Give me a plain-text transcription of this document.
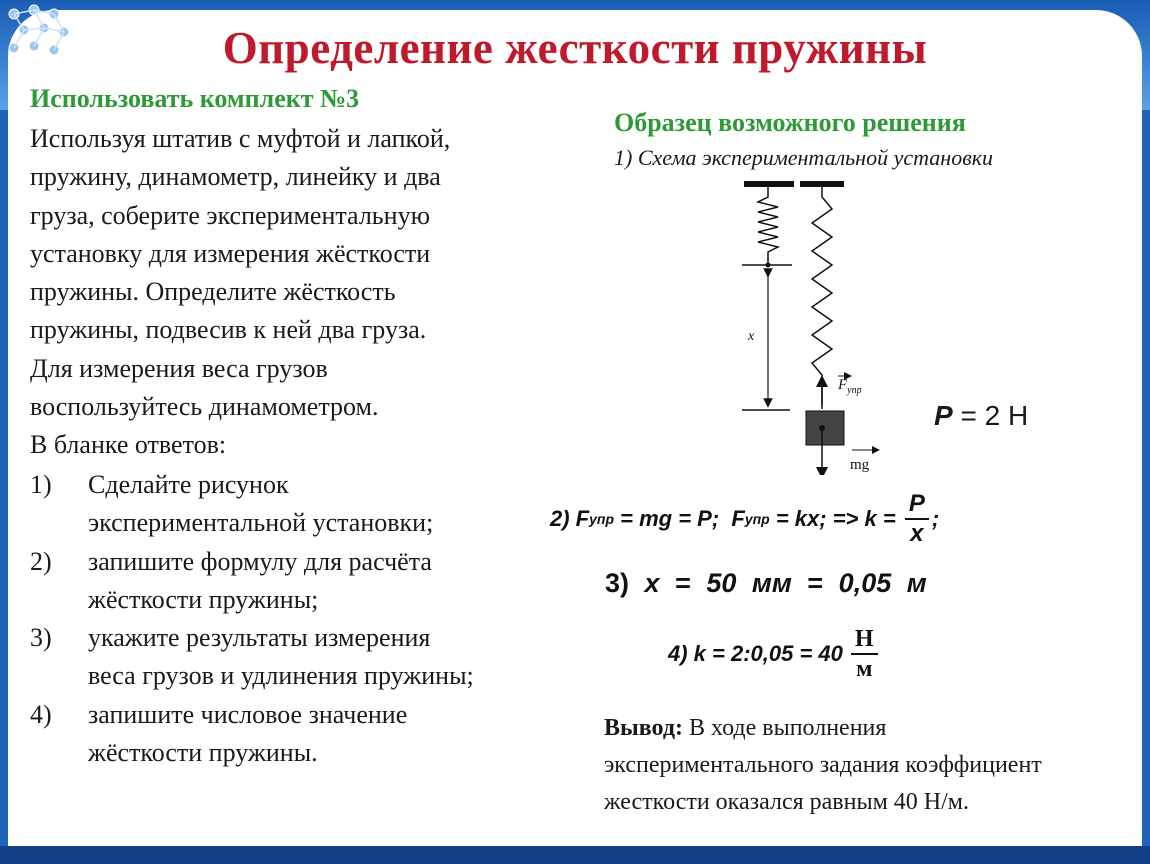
Определение жесткости пружины
Использовать комплект №3

Используя штатив с муфтой и лапкой,

пружину, динамометр, линейку и два

груза, соберите экспериментальную

установку для измерения жёсткости

пружины. Определите жёсткость

пружины, подвесив к ней два груза.

Для измерения веса грузов

воспользуйтесь динамометром.

В бланке ответов:

1)	Сделайте рисунок
экспериментальной установки;
2)	запишите формулу для расчёта
жёсткости пружины;
3)	укажите результаты измерения
веса грузов и удлинения пружины;
4)	запишите числовое значение
жёсткости пружины.
Образец возможного решения
1) Схема экспериментальной установки
x
$F_{упр}$
mg
P = 2 Н
2) F упр = mg = P;  F упр = kx; => $k = \frac{P}{x}$ ;
3) x = 50 мм = 0,05 м
4) k = 2:0,05 = $40 \frac{Н}{м}$
Вывод: В ходе выполнения экспериментального задания коэффициент жесткости оказался равным 40 Н/м.
